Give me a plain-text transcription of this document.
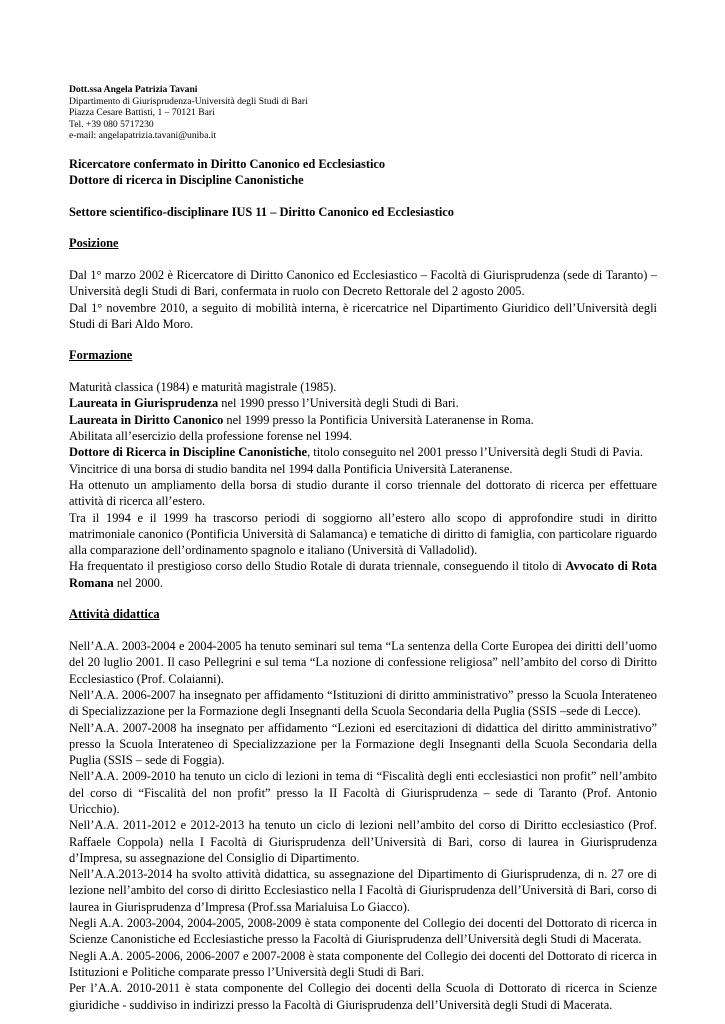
Dott.ssa Angela Patrizia Tavani
Dipartimento di Giurisprudenza-Università degli Studi di Bari
Piazza Cesare Battisti, 1 – 70121 Bari
Tel. +39 080 5717230
e-mail: angelapatrizia.tavani@uniba.it
Ricercatore confermato in Diritto Canonico ed Ecclesiastico
Dottore di ricerca in Discipline Canonistiche
Settore scientifico-disciplinare IUS 11 – Diritto Canonico ed Ecclesiastico
Posizione

Dal 1° marzo 2002 è Ricercatore di Diritto Canonico ed Ecclesiastico – Facoltà di Giurisprudenza (sede di Taranto) – Università degli Studi di Bari, confermata in ruolo con Decreto Rettorale del 2 agosto 2005.

Dal 1° novembre 2010, a seguito di mobilità interna, è ricercatrice nel Dipartimento Giuridico dell’Università degli Studi di Bari Aldo Moro.

Formazione

Maturità classica (1984) e maturità magistrale (1985).

Laureata in Giurisprudenza nel 1990 presso l’Università degli Studi di Bari.

Laureata in Diritto Canonico nel 1999 presso la Pontificia Università Lateranense in Roma.

Abilitata all’esercizio della professione forense nel 1994.

Dottore di Ricerca in Discipline Canonistiche, titolo conseguito nel 2001 presso l’Università degli Studi di Pavia.

Vincitrice di una borsa di studio bandita nel 1994 dalla Pontificia Università Lateranense.

Ha ottenuto un ampliamento della borsa di studio durante il corso triennale del dottorato di ricerca per effettuare attività di ricerca all’estero.

Tra il 1994 e il 1999 ha trascorso periodi di soggiorno all’estero allo scopo di approfondire studi in diritto matrimoniale canonico (Pontificia Università di Salamanca) e tematiche di diritto di famiglia, con particolare riguardo alla comparazione dell’ordinamento spagnolo e italiano (Università di Valladolid).

Ha frequentato il prestigioso corso dello Studio Rotale di durata triennale, conseguendo il titolo di Avvocato di Rota Romana nel 2000.

Attività didattica

Nell’A.A. 2003-2004 e 2004-2005 ha tenuto seminari sul tema “La sentenza della Corte Europea dei diritti dell’uomo del 20 luglio 2001. Il caso Pellegrini e sul tema “La nozione di confessione religiosa” nell’ambito del corso di Diritto Ecclesiastico (Prof. Colaianni).

Nell’A.A. 2006-2007 ha insegnato per affidamento “Istituzioni di diritto amministrativo” presso la Scuola Interateneo di Specializzazione per la Formazione degli Insegnanti della Scuola Secondaria della Puglia (SSIS –sede di Lecce).

Nell’A.A. 2007-2008 ha insegnato per affidamento “Lezioni ed esercitazioni di didattica del diritto amministrativo” presso la Scuola Interateneo di Specializzazione per la Formazione degli Insegnanti della Scuola Secondaria della Puglia (SSIS – sede di Foggia).

Nell’A.A. 2009-2010 ha tenuto un ciclo di lezioni in tema di “Fiscalità degli enti ecclesiastici non profit” nell’ambito del corso di “Fiscalità del non profit” presso la II Facoltà di Giurisprudenza – sede di Taranto (Prof. Antonio Uricchio).

Nell’A.A. 2011-2012 e 2012-2013 ha tenuto un ciclo di lezioni nell’ambito del corso di Diritto ecclesiastico (Prof. Raffaele Coppola) nella I Facoltà di Giurisprudenza dell’Università di Bari, corso di laurea in Giurisprudenza d’Impresa, su assegnazione del Consiglio di Dipartimento.

Nell’A.A.2013-2014 ha svolto attività didattica, su assegnazione del Dipartimento di Giurisprudenza, di n. 27 ore di lezione nell’ambito del corso di diritto Ecclesiastico nella I Facoltà di Giurisprudenza dell’Università di Bari, corso di laurea in Giurisprudenza d’Impresa (Prof.ssa Marialuisa Lo Giacco).

Negli A.A. 2003-2004, 2004-2005, 2008-2009 è stata componente del Collegio dei docenti del Dottorato di ricerca in Scienze Canonistiche ed Ecclesiastiche presso la Facoltà di Giurisprudenza dell’Università degli Studi di Macerata.

Negli A.A. 2005-2006, 2006-2007 e 2007-2008 è stata componente del Collegio dei docenti del Dottorato di ricerca in Istituzioni e Politiche comparate presso l’Università degli Studi di Bari.

Per l’A.A. 2010-2011 è stata componente del Collegio dei docenti della Scuola di Dottorato di ricerca in Scienze giuridiche - suddiviso in indirizzi presso la Facoltà di Giurisprudenza dell’Università degli Studi di Macerata.
